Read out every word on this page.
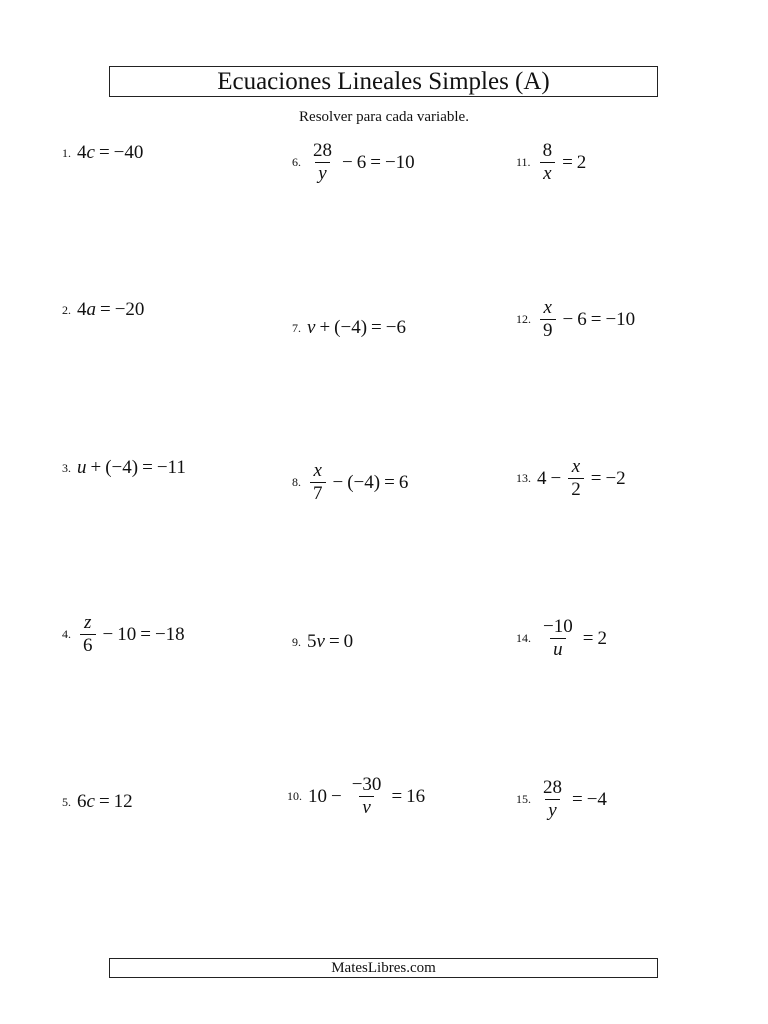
Ecuaciones Lineales Simples (A)
Resolver para cada variable.
1. 4 c = −40
2. 4 a = −20
3. u + (−4) = −11
4. $\frac{z}{6} - 10 = -18$
5. 6 c = 12
6. $\frac{28}{y} - 6 = -10$
7. v + (−4) = −6
8. $\frac{x}{7} - (-4) = 6$
9. 5 v = 0
10. $10 - \frac{-30}{v} = 16$
11. $\frac{8}{x} = 2$
12. $\frac{x}{9} - 6 = -10$
13. $4 - \frac{x}{2} = -2$
14. $\frac{-10}{u} = 2$
15. $\frac{28}{y} = -4$
MatesLibres.com
